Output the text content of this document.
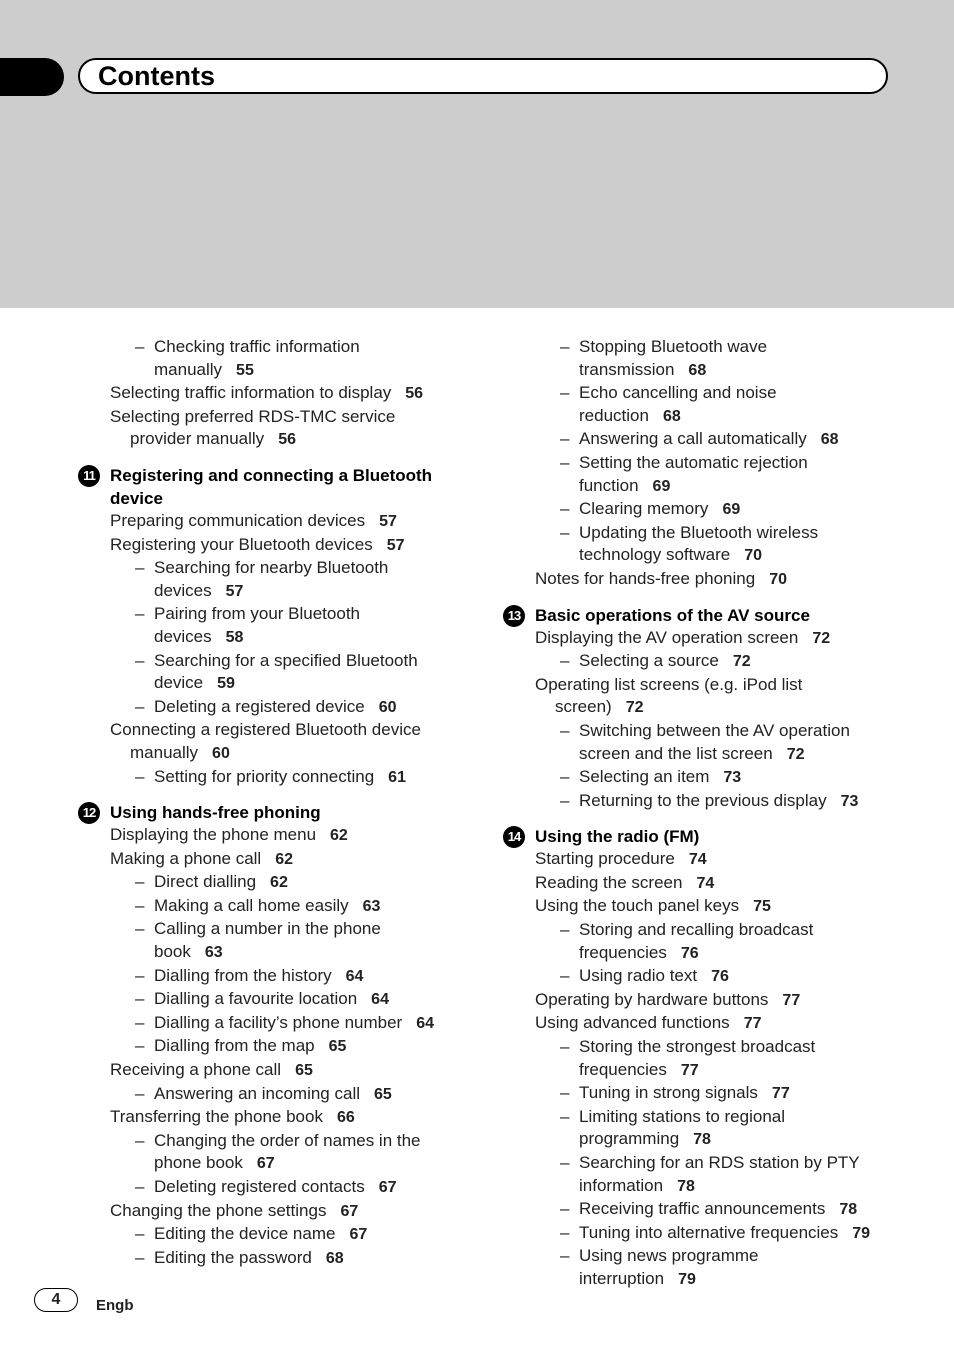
Contents
– Checking traffic information
manually 55
Selecting traffic information to display 56
Selecting preferred RDS-TMC service
provider manually 56
11 Registering and connecting a Bluetooth device
Preparing communication devices 57
Registering your Bluetooth devices 57
– Searching for nearby Bluetooth
devices 57
– Pairing from your Bluetooth
devices 58
– Searching for a specified Bluetooth
device 59
– Deleting a registered device 60
Connecting a registered Bluetooth device
manually 60
– Setting for priority connecting 61
12 Using hands-free phoning
Displaying the phone menu 62
Making a phone call 62
– Direct dialling 62
– Making a call home easily 63
– Calling a number in the phone
book 63
– Dialling from the history 64
– Dialling a favourite location 64
– Dialling a facility’s phone number 64
– Dialling from the map 65
Receiving a phone call 65
– Answering an incoming call 65
Transferring the phone book 66
– Changing the order of names in the
phone book 67
– Deleting registered contacts 67
Changing the phone settings 67
– Editing the device name 67
– Editing the password 68
– Stopping Bluetooth wave
transmission 68
– Echo cancelling and noise
reduction 68
– Answering a call automatically 68
– Setting the automatic rejection
function 69
– Clearing memory 69
– Updating the Bluetooth wireless
technology software 70
Notes for hands-free phoning 70
13 Basic operations of the AV source
Displaying the AV operation screen 72
– Selecting a source 72
Operating list screens (e.g. iPod list
screen) 72
– Switching between the AV operation
screen and the list screen 72
– Selecting an item 73
– Returning to the previous display 73
14 Using the radio (FM)
Starting procedure 74
Reading the screen 74
Using the touch panel keys 75
– Storing and recalling broadcast
frequencies 76
– Using radio text 76
Operating by hardware buttons 77
Using advanced functions 77
– Storing the strongest broadcast
frequencies 77
– Tuning in strong signals 77
– Limiting stations to regional
programming 78
– Searching for an RDS station by PTY
information 78
– Receiving traffic announcements 78
– Tuning into alternative frequencies 79
– Using news programme
interruption 79
4	Engb
